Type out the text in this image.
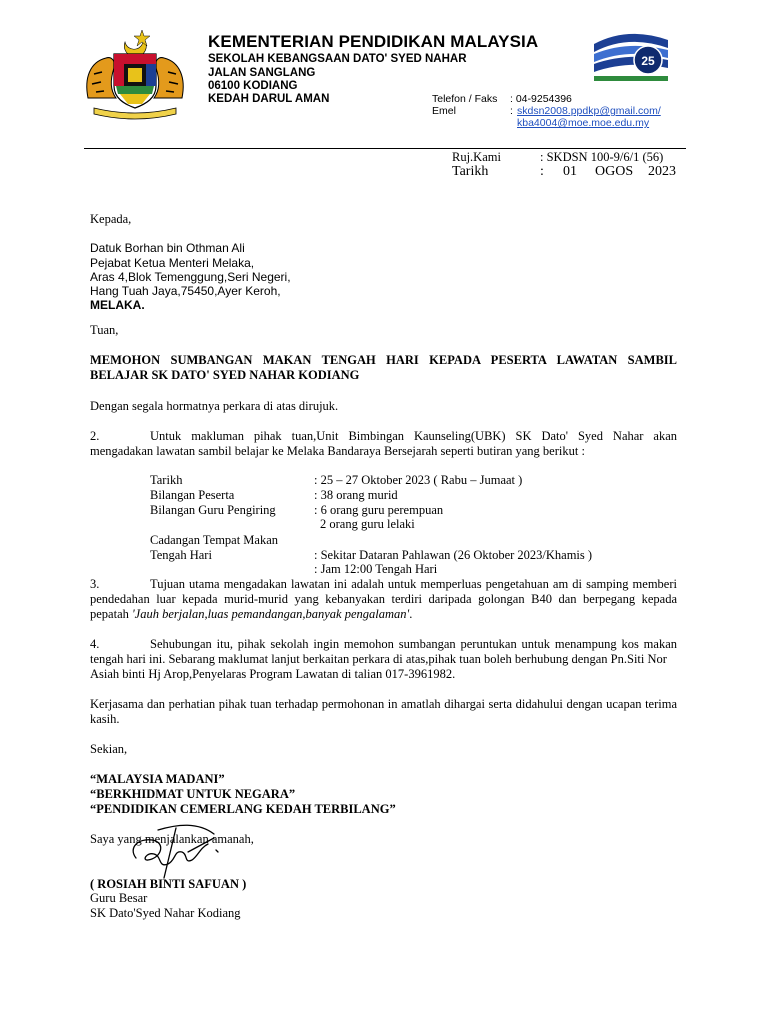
KEMENTERIAN PENDIDIKAN MALAYSIA
SEKOLAH KEBANGSAAN DATO' SYED NAHAR
JALAN SANGLANG
06100 KODIANG
KEDAH DARUL AMAN	Telefon / Faks : 04-9254396
Emel	: skdsn2008.ppdkp@gmail.com/
kba4004@moe.moe.edu.my
25
Ruj.Kami	: SKDSN 100-9/6/1 (56)
Tarikh	: 01 OGOS 2023
Kepada,
Datuk Borhan bin Othman Ali
Pejabat Ketua Menteri Melaka,
Aras 4,Blok Temenggung,Seri Negeri,
Hang Tuah Jaya,75450,Ayer Keroh,
MELAKA.
Tuan,
MEMOHON SUMBANGAN MAKAN TENGAH HARI KEPADA PESERTA LAWATAN SAMBIL
BELAJAR SK DATO' SYED NAHAR KODIANG
Dengan segala hormatnya perkara di atas dirujuk.
2.	Untuk makluman pihak tuan,Unit Bimbingan Kaunseling(UBK) SK Dato' Syed Nahar akan
mengadakan lawatan sambil belajar ke Melaka Bandaraya Bersejarah seperti butiran yang berikut :
Tarikh	: 25 – 27 Oktober 2023 ( Rabu – Jumaat )
Bilangan Peserta	: 38 orang murid
Bilangan Guru Pengiring	: 6 orang guru perempuan
2 orang guru lelaki
Cadangan Tempat Makan
Tengah Hari	: Sekitar Dataran Pahlawan (26 Oktober 2023/Khamis )
: Jam 12:00 Tengah Hari
3.	Tujuan utama mengadakan lawatan ini adalah untuk memperluas pengetahuan am di samping memberi
pendedahan luar kepada murid-murid yang kebanyakan terdiri daripada golongan B40 dan berpegang kepada
pepatah 'Jauh berjalan,luas pemandangan,banyak pengalaman'.
4.	Sehubungan itu, pihak sekolah ingin memohon sumbangan peruntukan untuk menampung kos makan
tengah hari ini. Sebarang maklumat lanjut berkaitan perkara di atas,pihak tuan boleh berhubung dengan Pn.Siti Nor
Asiah binti Hj Arop,Penyelaras Program Lawatan di talian 017-3961982.
Kerjasama dan perhatian pihak tuan terhadap permohonan in amatlah dihargai serta didahului dengan ucapan terima
kasih.
Sekian,
“MALAYSIA MADANI”
“BERKHIDMAT UNTUK NEGARA”
“PENDIDIKAN CEMERLANG KEDAH TERBILANG”
Saya yang menjalankan amanah,
( ROSIAH BINTI SAFUAN )
Guru Besar
SK Dato'Syed Nahar Kodiang
